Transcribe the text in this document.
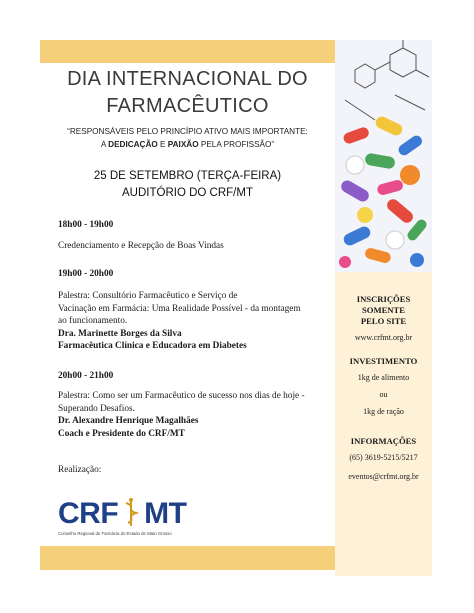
DIA INTERNACIONAL DO
FARMACÊUTICO
“RESPONSÁVEIS PELO PRINCÍPIO ATIVO MAIS IMPORTANTE:
A DEDICAÇÃO E PAIXÃO PELA PROFISSÃO”
25 DE SETEMBRO (TERÇA-FEIRA)
AUDITÓRIO DO CRF/MT
18h00 - 19h00
Credenciamento e Recepção de Boas Vindas
19h00 - 20h00
Palestra: Consultório Farmacêutico e Serviço de
Vacinação em Farmácia: Uma Realidade Possível - da montagem
ao funcionamento.
Dra. Marinette Borges da Silva
Farmacêutica Clínica e Educadora em Diabetes
20h00 - 21h00
Palestra: Como ser um Farmacêutico de sucesso nos dias de hoje -
Superando Desafios.
Dr. Alexandre Henrique Magalhães
Coach e Presidente do CRF/MT
Realização:
CRF MT
Conselho Regional de Farmácia do Estado de Mato Grosso
INSCRIÇÕES
SOMENTE
PELO SITE
www.crfmt.org.br
INVESTIMENTO
1kg de alimento
ou
1kg de ração
INFORMAÇÕES
(65) 3619-5215/5217
eventos@crfmt.org.br
